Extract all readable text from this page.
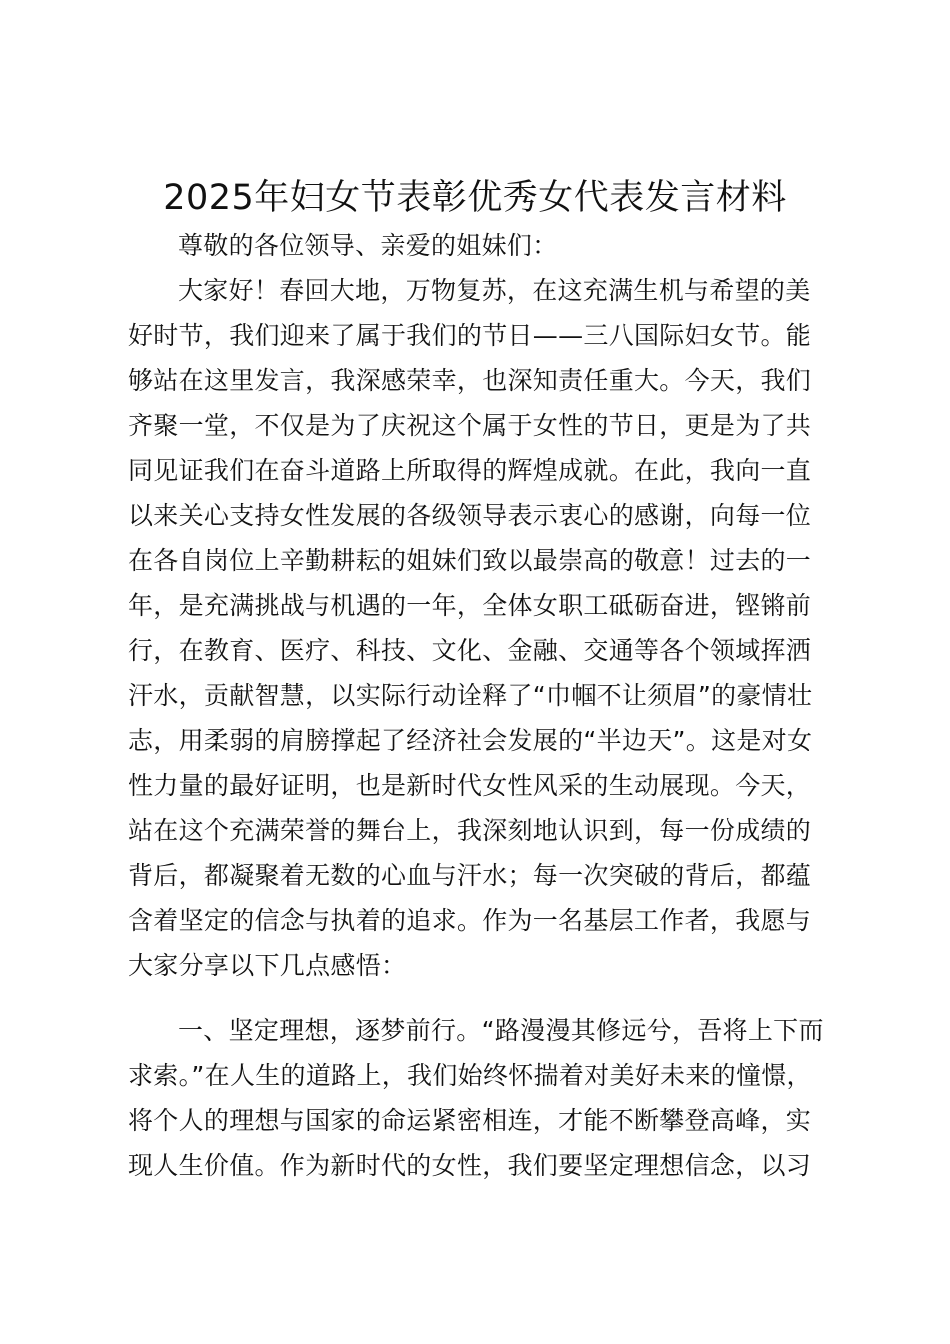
2025年妇女节表彰优秀女代表发言材料
尊敬的各位领导、亲爱的姐妹们：
大家好！春回大地，万物复苏，在这充满生机与希望的美
好时节，我们迎来了属于我们的节日——三八国际妇女节。能
够站在这里发言，我深感荣幸，也深知责任重大。今天，我们
齐聚一堂，不仅是为了庆祝这个属于女性的节日，更是为了共
同见证我们在奋斗道路上所取得的辉煌成就。在此，我向一直
以来关心支持女性发展的各级领导表示衷心的感谢，向每一位
在各自岗位上辛勤耕耘的姐妹们致以最崇高的敬意！过去的一
年，是充满挑战与机遇的一年，全体女职工砥砺奋进，铿锵前
行，在教育、医疗、科技、文化、金融、交通等各个领域挥洒
汗水，贡献智慧，以实际行动诠释了“巾帼不让须眉”的豪情壮
志，用柔弱的肩膀撑起了经济社会发展的“半边天”。这是对女
性力量的最好证明，也是新时代女性风采的生动展现。今天，
站在这个充满荣誉的舞台上，我深刻地认识到，每一份成绩的
背后，都凝聚着无数的心血与汗水；每一次突破的背后，都蕴
含着坚定的信念与执着的追求。作为一名基层工作者，我愿与
大家分享以下几点感悟：
一、坚定理想，逐梦前行。“路漫漫其修远兮，吾将上下而
求索。”在人生的道路上，我们始终怀揣着对美好未来的憧憬，
将个人的理想与国家的命运紧密相连，才能不断攀登高峰，实
现人生价值。作为新时代的女性，我们要坚定理想信念，以习
